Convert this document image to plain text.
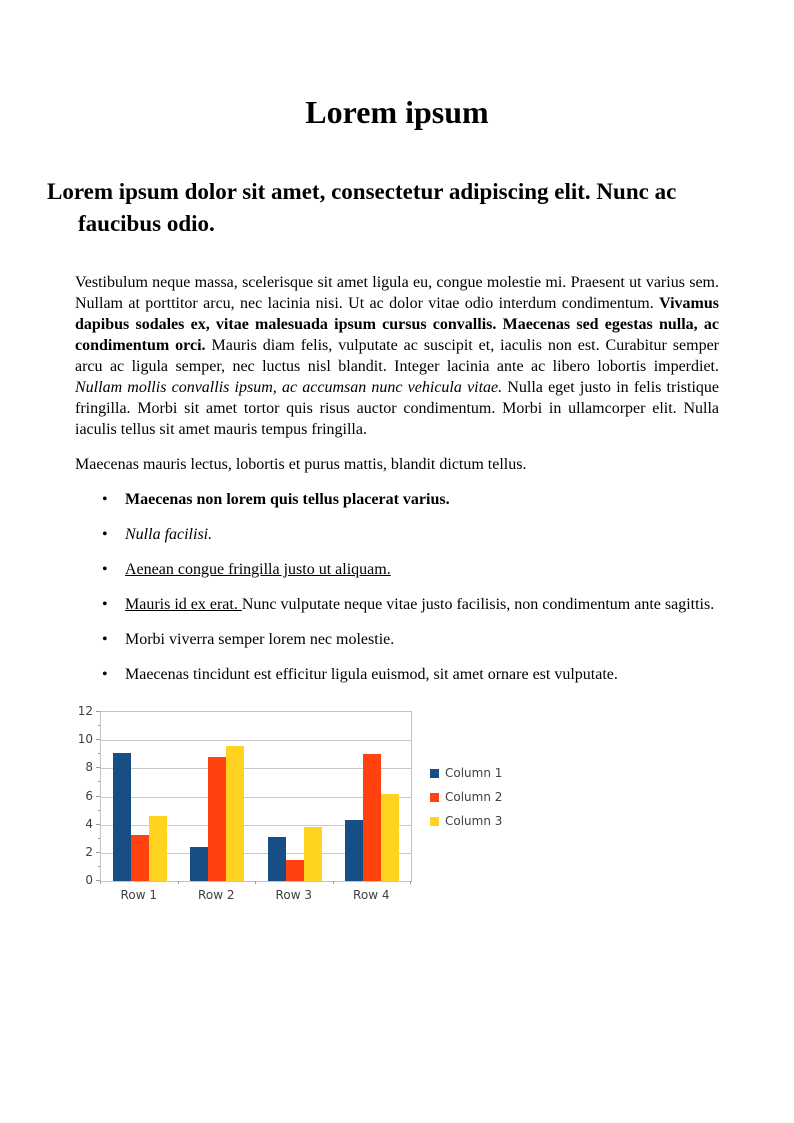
Lorem ipsum
Lorem ipsum dolor sit amet, consectetur adipiscing elit. Nunc ac faucibus odio.

Vestibulum neque massa, scelerisque sit amet ligula eu, congue molestie mi. Praesent ut varius sem. Nullam at porttitor arcu, nec lacinia nisi. Ut ac dolor vitae odio interdum condimentum. Vivamus dapibus sodales ex, vitae malesuada ipsum cursus convallis. Maecenas sed egestas nulla, ac condimentum orci. Mauris diam felis, vulputate ac suscipit et, iaculis non est. Curabitur semper arcu ac ligula semper, nec luctus nisl blandit. Integer lacinia ante ac libero lobortis imperdiet. Nullam mollis convallis ipsum, ac accumsan nunc vehicula vitae. Nulla eget justo in felis tristique fringilla. Morbi sit amet tortor quis risus auctor condimentum. Morbi in ullamcorper elit. Nulla iaculis tellus sit amet mauris tempus fringilla.

Maecenas mauris lectus, lobortis et purus mattis, blandit dictum tellus.

• Maecenas non lorem quis tellus placerat varius.
• Nulla facilisi.
• Aenean congue fringilla justo ut aliquam.
• Mauris id ex erat. Nunc vulputate neque vitae justo facilisis, non condimentum ante sagittis.
• Morbi viverra semper lorem nec molestie.
• Maecenas tincidunt est efficitur ligula euismod, sit amet ornare est vulputate.
0
2
4
6
8
10
12
Row 1	Row 2	Row 3	Row 4
Column 1
Column 2
Column 3
